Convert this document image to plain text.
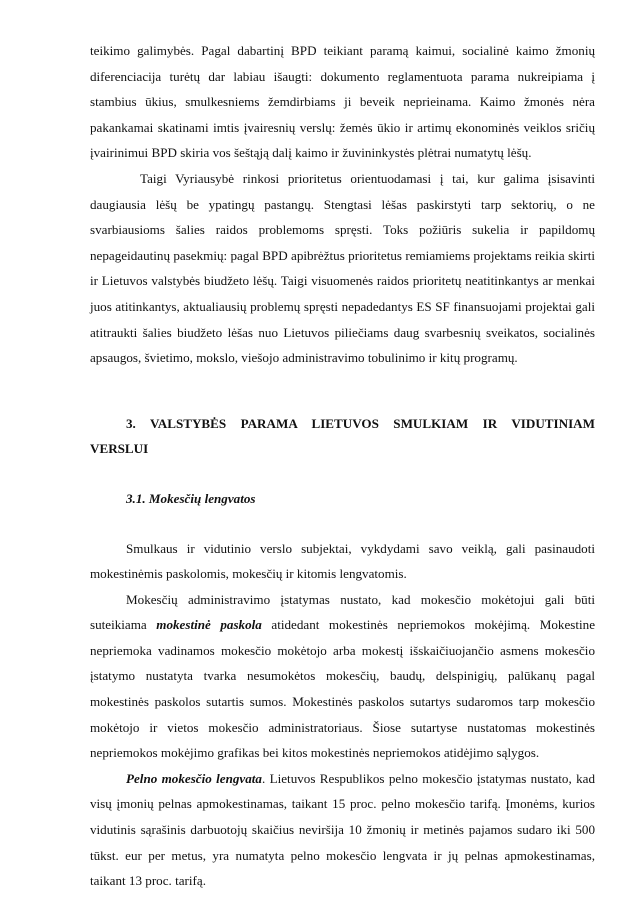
teikimo galimybės. Pagal dabartinį BPD teikiant paramą kaimui, socialinė kaimo žmonių diferenciacija turėtų dar labiau išaugti: dokumento reglamentuota parama nukreipiama į stambius ūkius, smulkesniems žemdirbiams ji beveik neprieinama. Kaimo žmonės nėra pakankamai skatinami imtis įvairesnių verslų: žemės ūkio ir artimų ekonominės veiklos sričių įvairinimui BPD skiria vos šeštąją dalį kaimo ir žuvininkystės plėtrai numatytų lėšų.

Taigi Vyriausybė rinkosi prioritetus orientuodamasi į tai, kur galima įsisavinti daugiausia lėšų be ypatingų pastangų. Stengtasi lėšas paskirstyti tarp sektorių, o ne svarbiausioms šalies raidos problemoms spręsti. Toks požiūris sukelia ir papildomų nepageidautinų pasekmių: pagal BPD apibrėžtus prioritetus remiamiems projektams reikia skirti ir Lietuvos valstybės biudžeto lėšų. Taigi visuomenės raidos prioritetų neatitinkantys ar menkai juos atitinkantys, aktualiausių problemų spręsti nepadedantys ES SF finansuojami projektai gali atitraukti šalies biudžeto lėšas nuo Lietuvos piliečiams daug svarbesnių sveikatos, socialinės apsaugos, švietimo, mokslo, viešojo administravimo tobulinimo ir kitų programų.

3. VALSTYBĖS PARAMA LIETUVOS SMULKIAM IR VIDUTINIAM
VERSLUI
3.1. Mokesčių lengvatos

Smulkaus ir vidutinio verslo subjektai, vykdydami savo veiklą, gali pasinaudoti mokestinėmis paskolomis, mokesčių ir kitomis lengvatomis.

Mokesčių administravimo įstatymas nustato, kad mokesčio mokėtojui gali būti suteikiama mokestinė paskola atidedant mokestinės nepriemokos mokėjimą. Mokestine nepriemoka vadinamos mokesčio mokėtojo arba mokestį išskaičiuojančio asmens mokesčio įstatymo nustatyta tvarka nesumokėtos mokesčių, baudų, delspinigių, palūkanų pagal mokestinės paskolos sutartis sumos. Mokestinės paskolos sutartys sudaromos tarp mokesčio mokėtojo ir vietos mokesčio administratoriaus. Šiose sutartyse nustatomas mokestinės nepriemokos mokėjimo grafikas bei kitos mokestinės nepriemokos atidėjimo sąlygos.

Pelno mokesčio lengvata. Lietuvos Respublikos pelno mokesčio įstatymas nustato, kad visų įmonių pelnas apmokestinamas, taikant 15 proc. pelno mokesčio tarifą. Įmonėms, kurios vidutinis sąrašinis darbuotojų skaičius neviršija 10 žmonių ir metinės pajamos sudaro iki 500 tūkst. eur per metus, yra numatyta pelno mokesčio lengvata ir jų pelnas apmokestinamas, taikant 13 proc. tarifą.
